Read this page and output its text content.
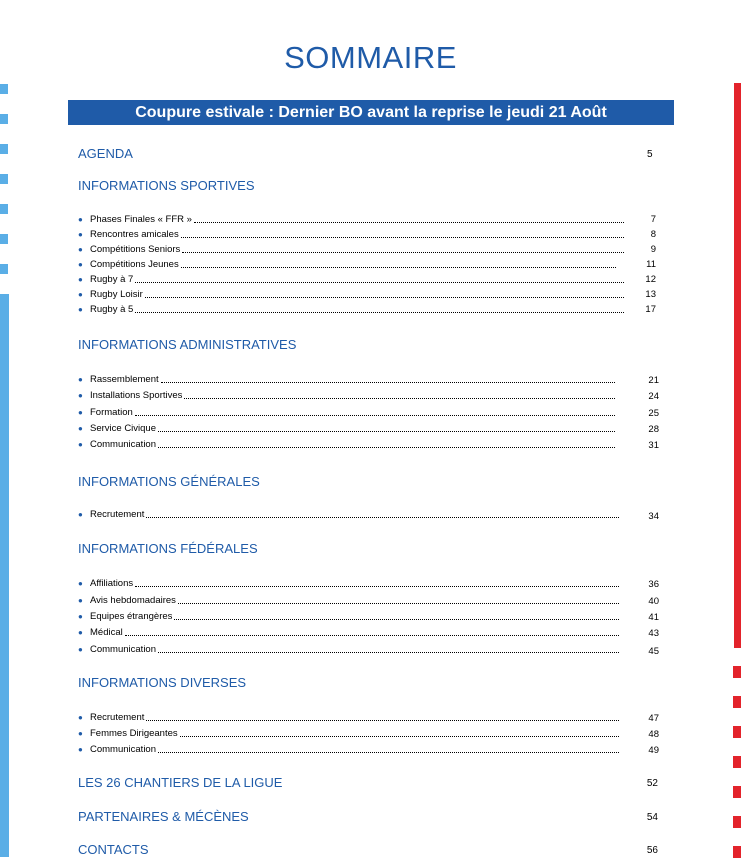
SOMMAIRE
Coupure estivale : Dernier BO avant la reprise le jeudi 21 Août
AGENDA	5
INFORMATIONS SPORTIVES
● Phases Finales « FFR »	7
● Rencontres amicales	8
● Compétitions Seniors	9
● Compétitions Jeunes	11
● Rugby à 7	12
● Rugby Loisir	13
● Rugby à 5	17
INFORMATIONS ADMINISTRATIVES
● Rassemblement	21
● Installations Sportives	24
● Formation	25
● Service Civique	28
● Communication	31
INFORMATIONS GÉNÉRALES
● Recrutement	34
INFORMATIONS FÉDÉRALES
● Affiliations	36
● Avis hebdomadaires	40
● Equipes étrangères	41
● Médical	43
● Communication	45
INFORMATIONS DIVERSES
● Recrutement	47
● Femmes Dirigeantes	48
● Communication	49
LES 26 CHANTIERS DE LA LIGUE	52
PARTENAIRES & MÉCÈNES	54
CONTACTS	56
